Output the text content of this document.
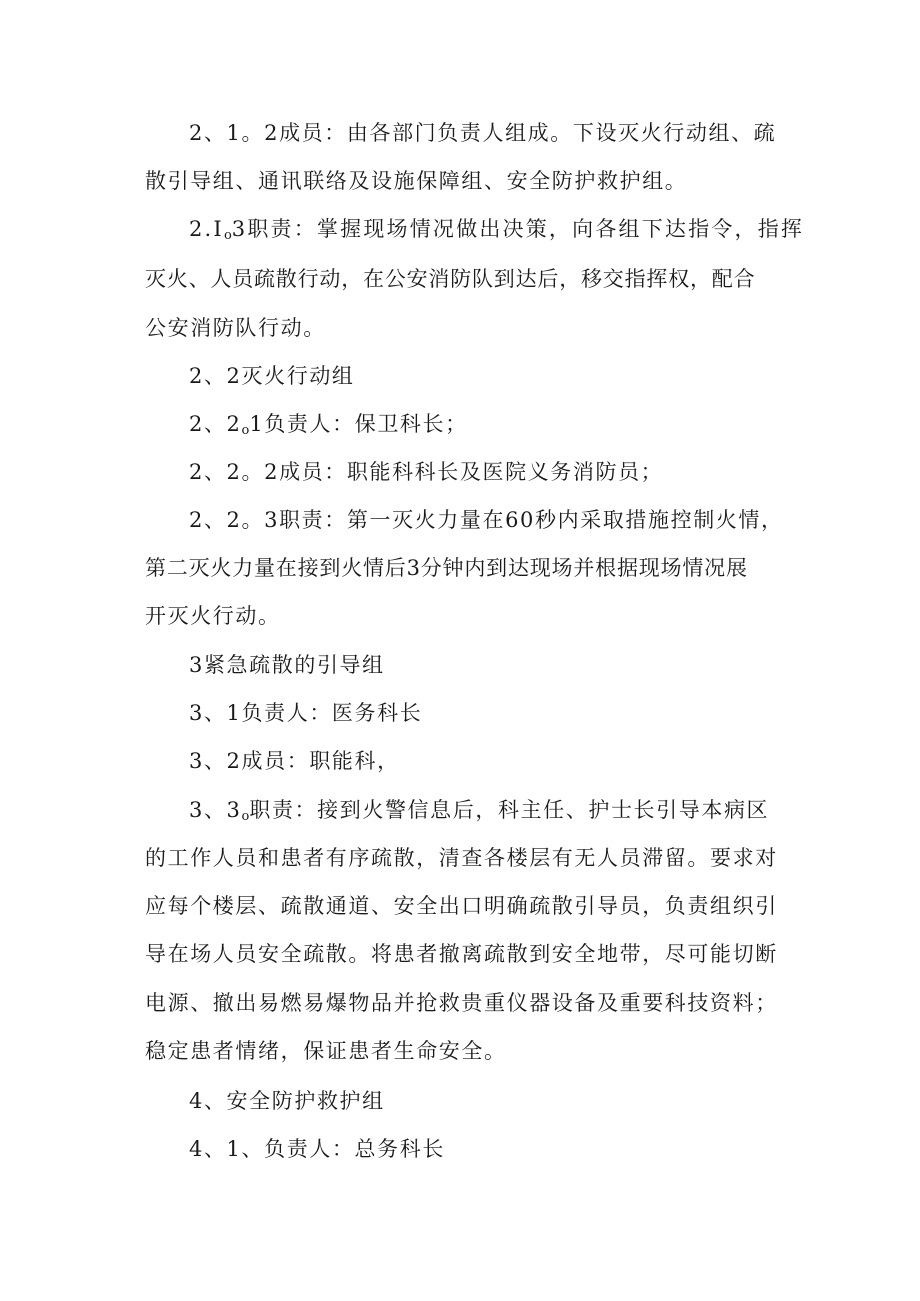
2、1。2成员：由各部门负责人组成。下设灭火行动组、疏

散引导组、通讯联络及设施保障组、安全防护救护组。

$2.I_o3$职责：掌握现场情况做出决策，向各组下达指令，指挥

灭火、人员疏散行动，在公安消防队到达后，移交指挥权，配合

公安消防队行动。

2、2灭火行动组

2、$2_o1$负责人：保卫科长；

2、2。2成员：职能科科长及医院义务消防员；

2、2。3职责：第一灭火力量在60秒内采取措施控制火情，

第二灭火力量在接到火情后3分钟内到达现场并根据现场情况展

开灭火行动。

3紧急疏散的引导组

3、1负责人：医务科长

3、2成员：职能科，

3、$3_o$职责：接到火警信息后，科主任、护士长引导本病区

的工作人员和患者有序疏散，清查各楼层有无人员滞留。要求对

应每个楼层、疏散通道、安全出口明确疏散引导员，负责组织引

导在场人员安全疏散。将患者撤离疏散到安全地带，尽可能切断

电源、撤出易燃易爆物品并抢救贵重仪器设备及重要科技资料；

稳定患者情绪，保证患者生命安全。

4、安全防护救护组

4、1、负责人：总务科长
